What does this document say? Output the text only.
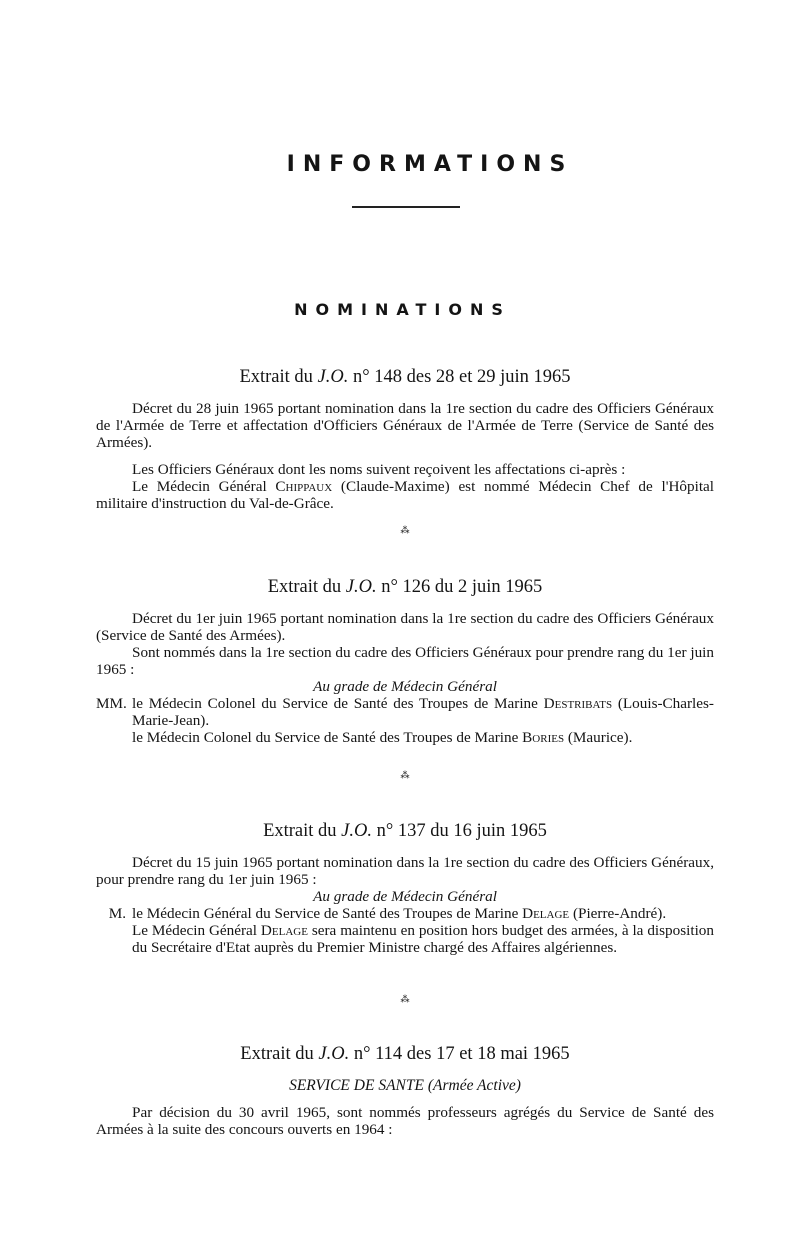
INFORMATIONS
NOMINATIONS
Extrait du J.O. n° 148 des 28 et 29 juin 1965

Décret du 28 juin 1965 portant nomination dans la 1re section du cadre des Officiers Généraux de l'Armée de Terre et affectation d'Officiers Généraux de l'Armée de Terre (Service de Santé des Armées).

Les Officiers Généraux dont les noms suivent reçoivent les affectations ci-après :

Le Médecin Général Chippaux (Claude-Maxime) est nommé Médecin Chef de l'Hôpital militaire d'instruction du Val-de-Grâce.

⁂
Extrait du J.O. n° 126 du 2 juin 1965

Décret du 1er juin 1965 portant nomination dans la 1re section du cadre des Officiers Généraux (Service de Santé des Armées).

Sont nommés dans la 1re section du cadre des Officiers Généraux pour prendre rang du 1er juin 1965 :

Au grade de Médecin Général

MM. le Médecin Colonel du Service de Santé des Troupes de Marine Destribats (Louis-Charles-Marie-Jean).

le Médecin Colonel du Service de Santé des Troupes de Marine Bories (Maurice).

⁂
Extrait du J.O. n° 137 du 16 juin 1965

Décret du 15 juin 1965 portant nomination dans la 1re section du cadre des Officiers Généraux, pour prendre rang du 1er juin 1965 :

Au grade de Médecin Général

M. le Médecin Général du Service de Santé des Troupes de Marine Delage (Pierre-André).

Le Médecin Général Delage sera maintenu en position hors budget des armées, à la disposition du Secrétaire d'Etat auprès du Premier Ministre chargé des Affaires algériennes.

⁂
Extrait du J.O. n° 114 des 17 et 18 mai 1965

SERVICE DE SANTE (Armée Active)

Par décision du 30 avril 1965, sont nommés professeurs agrégés du Service de Santé des Armées à la suite des concours ouverts en 1964 :
